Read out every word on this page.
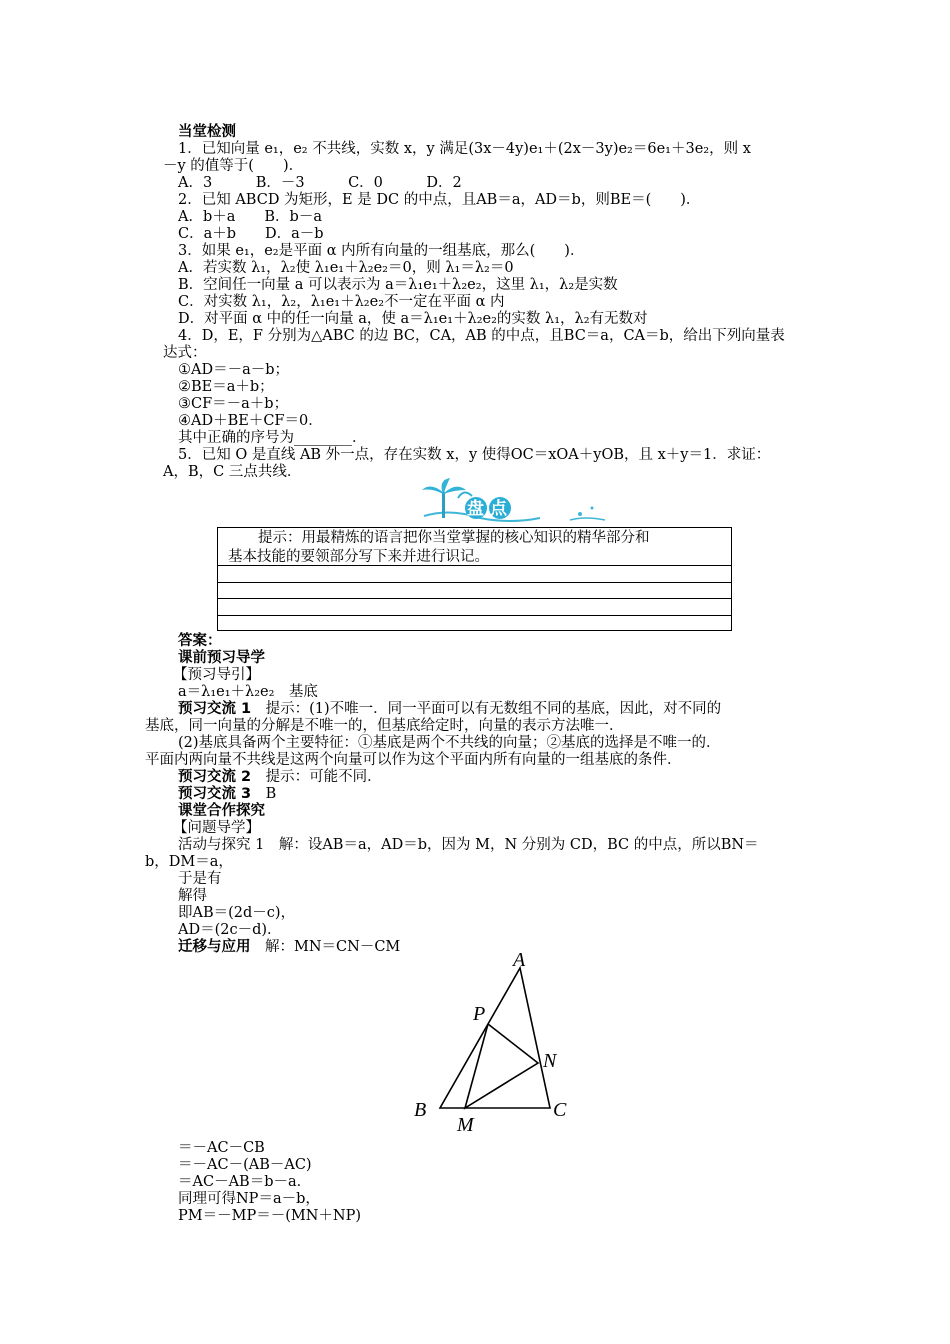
当堂检测
1．已知向量 e₁，e₂ 不共线，实数 x，y 满足(3x－4y)e₁＋(2x－3y)e₂＝6e₁＋3e₂，则 x
－y 的值等于(　　)．
A．3　　　B．－3　　　C．0　　　D．2
2．已知 ABCD 为矩形，E 是 DC 的中点，且AB＝a，AD＝b，则BE＝(　　)．
A．b＋a　　B．b－a
C．a＋b　　D．a－b
3．如果 e₁，e₂是平面 α 内所有向量的一组基底，那么(　　)．
A．若实数 λ₁，λ₂使 λ₁e₁＋λ₂e₂＝0，则 λ₁＝λ₂＝0
B．空间任一向量 a 可以表示为 a＝λ₁e₁＋λ₂e₂，这里 λ₁，λ₂是实数
C．对实数 λ₁，λ₂，λ₁e₁＋λ₂e₂不一定在平面 α 内
D．对平面 α 中的任一向量 a，使 a＝λ₁e₁＋λ₂e₂的实数 λ₁，λ₂有无数对
4．D，E，F 分别为△ABC 的边 BC，CA，AB 的中点，且BC＝a，CA＝b，给出下列向量表
达式：
①AD＝－a－b；
②BE＝a＋b；
③CF＝－a＋b；
④AD＋BE＋CF＝0．
其中正确的序号为________．
5．已知 O 是直线 AB 外一点，存在实数 x，y 使得OC＝xOA＋yOB，且 x＋y＝1．求证：
A，B，C 三点共线．
盘点收获
提示：用最精炼的语言把你当堂掌握的核心知识的精华部分和
基本技能的要领部分写下来并进行识记。
答案：
课前预习导学
【预习导引】
a＝λ₁e₁＋λ₂e₂　基底
预习交流 1　 提示：(1)不唯一．同一平面可以有无数组不同的基底，因此，对不同的
基底，同一向量的分解是不唯一的，但基底给定时，向量的表示方法唯一．
(2)基底具备两个主要特征：①基底是两个不共线的向量；②基底的选择是不唯一的．
平面内两向量不共线是这两个向量可以作为这个平面内所有向量的一组基底的条件．
预习交流 2　 提示：可能不同．
预习交流 3　 B
课堂合作探究
【问题导学】
活动与探究 1　解：设AB＝a，AD＝b，因为 M，N 分别为 CD，BC 的中点，所以BN＝
b，DM＝a，
于是有
解得
即AB＝(2d－c)，
AD＝(2c－d)．
迁移与应用　 解：MN＝CN－CM
A
P
N
B
M
C
＝－AC－CB
＝－AC－(AB－AC)
＝AC－AB＝b－a．
同理可得NP＝a－b，
PM＝－MP＝－(MN＋NP)
